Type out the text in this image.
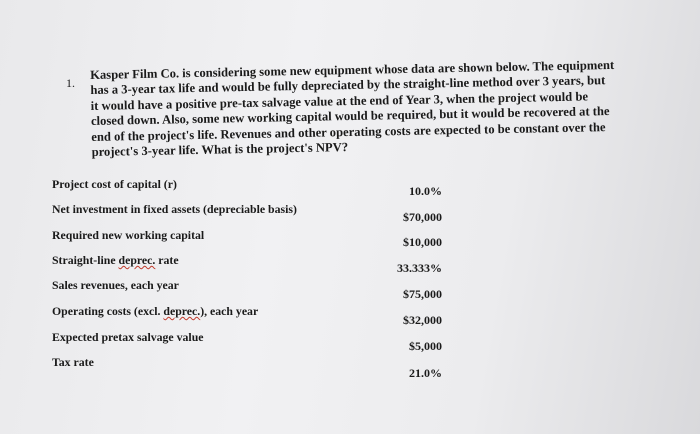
1.
Kasper Film Co. is considering some new equipment whose data are shown below. The equipment has a 3-year tax life and would be fully depreciated by the straight-line method over 3 years, but it would have a positive pre-tax salvage value at the end of Year 3, when the project would be closed down. Also, some new working capital would be required, but it would be recovered at the end of the project's life. Revenues and other operating costs are expected to be constant over the project's 3-year life. What is the project's NPV?
Project cost of capital (r)	10.0%
Net investment in fixed assets (depreciable basis)
$70,000
Required new working capital	$10,000
Straight-line deprec. rate
33.333%
Sales revenues, each year
$75,000
Operating costs (excl. deprec.), each year
$32,000
Expected pretax salvage value
$5,000
Tax rate
21.0%
